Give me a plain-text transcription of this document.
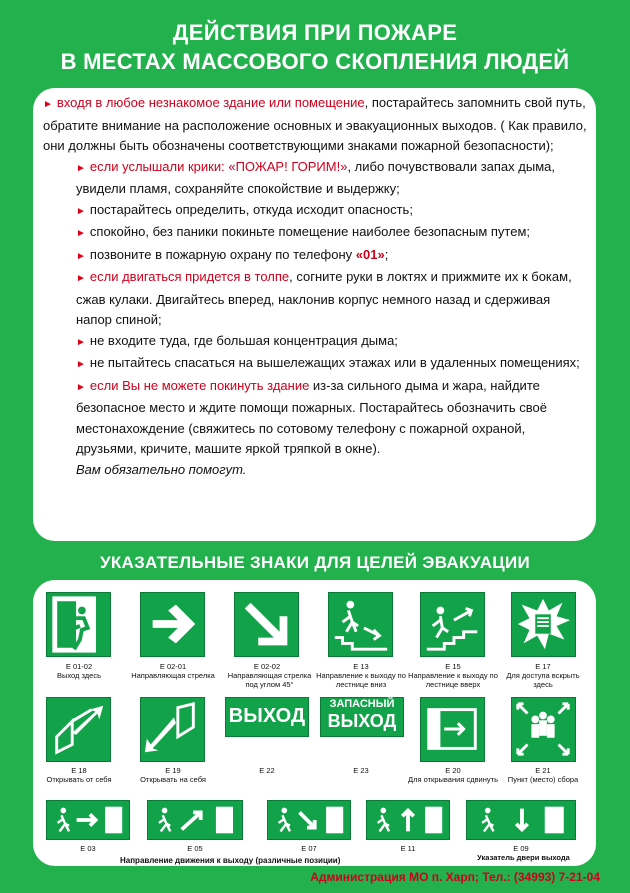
ДЕЙСТВИЯ ПРИ ПОЖАРЕ
В МЕСТАХ МАССОВОГО СКОПЛЕНИЯ ЛЮДЕЙ

► входя в любое незнакомое здание или помещение, постарайтесь запомнить свой путь, обратите внимание на расположение основных и эвакуационных выходов. ( Как правило, они должны быть обозначены соответствующими знаками пожарной безопасности);

► если услышали крики: «ПОЖАР! ГОРИМ!», либо почувствовали запах дыма, увидели пламя, сохраняйте спокойствие и выдержку;

► постарайтесь определить, откуда исходит опасность;

► спокойно, без паники покиньте помещение наиболее безопасным путем;

► позвоните в пожарную охрану по телефону «01»;

► если двигаться придется в толпе, согните руки в локтях и прижмите их к бокам, сжав кулаки. Двигайтесь вперед, наклонив корпус немного назад и сдерживая напор спиной;

► не входите туда, где большая концентрация дыма;

► не пытайтесь спасаться на вышележащих этажах или в удаленных помещениях;

► если Вы не можете покинуть здание из-за сильного дыма и жара, найдите безопасное место и ждите помощи пожарных. Постарайтесь обозначить своё местонахождение (свяжитесь по сотовому телефону с пожарной охраной, друзьями, кричите, машите яркой тряпкой в окне).

Вам обязательно помогут.

УКАЗАТЕЛЬНЫЕ ЗНАКИ ДЛЯ ЦЕЛЕЙ ЭВАКУАЦИИ
E 01-02
Выход здесь
E 02-01
Направляющая стрелка
E 02-02
Направляющая стрелка под углом 45°
E 13
Направление к выходу по лестнице вниз
E 15
Направление к выходу по лестнице вверх
E 17
Для доступа вскрыть здесь
E 18
Открывать от себя
E 19
Открывать на себя
ВЫХОД
E 22
ЗАПАСНЫЙ
ВЫХОД
E 23	E 20
Для открывания сдвинуть
E 21
Пункт (место) сбора
E 03	E 05	E 07	E 11	E 09
Указатель двери выхода
Направление движения к выходу (различные позиции)
Администрация МО п. Харп; Тел.: (34993) 7-21-04
